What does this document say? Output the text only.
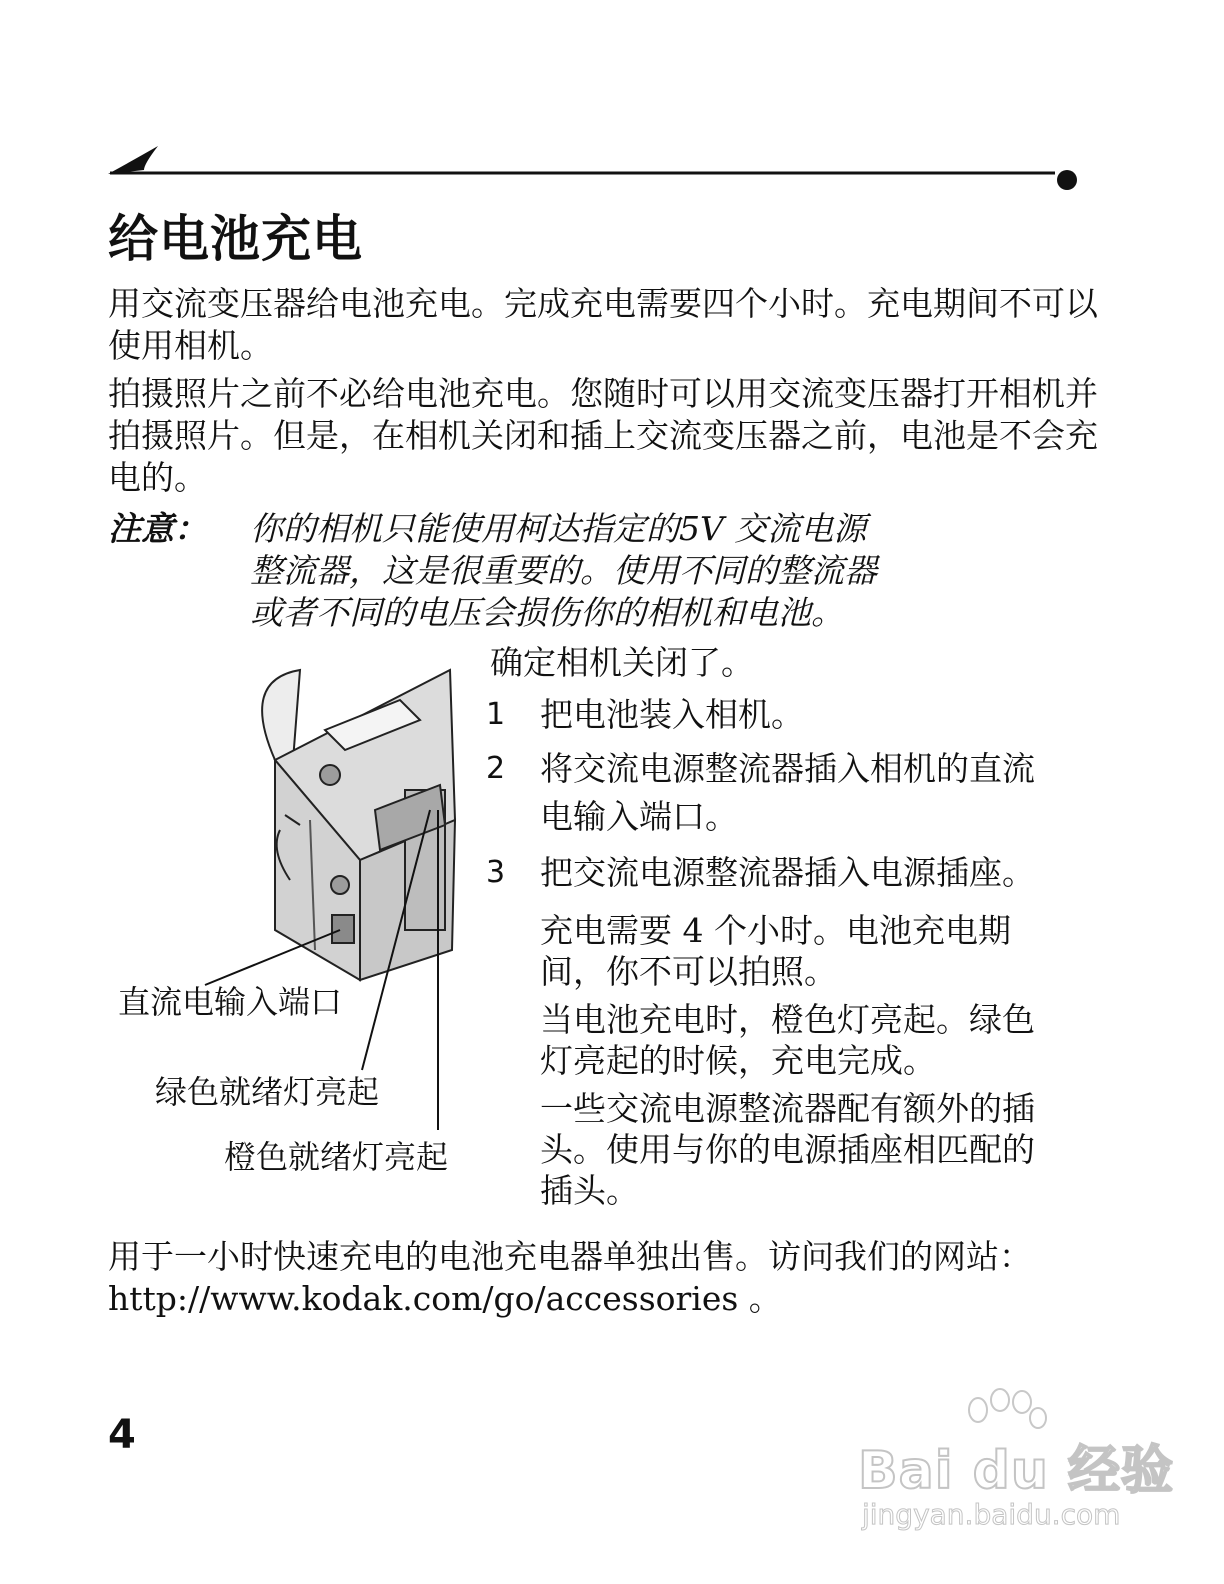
给电池充电
用交流变压器给电池充电。完成充电需要四个小时。充电期间不可以使用相机。
拍摄照片之前不必给电池充电。您随时可以用交流变压器打开相机并拍摄照片。但是，在相机关闭和插上交流变压器之前，电池是不会充电的。
注意： 你的相机只能使用柯达指定的5V 交流电源
整流器，这是很重要的。使用不同的整流器
或者不同的电压会损伤你的相机和电池。
直流电输入端口
绿色就绪灯亮起
橙色就绪灯亮起
确定相机关闭了。
1 把电池装入相机。
2 将交流电源整流器插入相机的直流电输入端口。
3 把交流电源整流器插入电源插座。
充电需要 4 个小时。电池充电期间，你不可以拍照。
当电池充电时，橙色灯亮起。绿色灯亮起的时候，充电完成。
一些交流电源整流器配有额外的插头。使用与你的电源插座相匹配的插头。
用于一小时快速充电的电池充电器单独出售。访问我们的网站：http://www.kodak.com/go/accessories 。
4
Bai du 经验
jingyan.baidu.com
